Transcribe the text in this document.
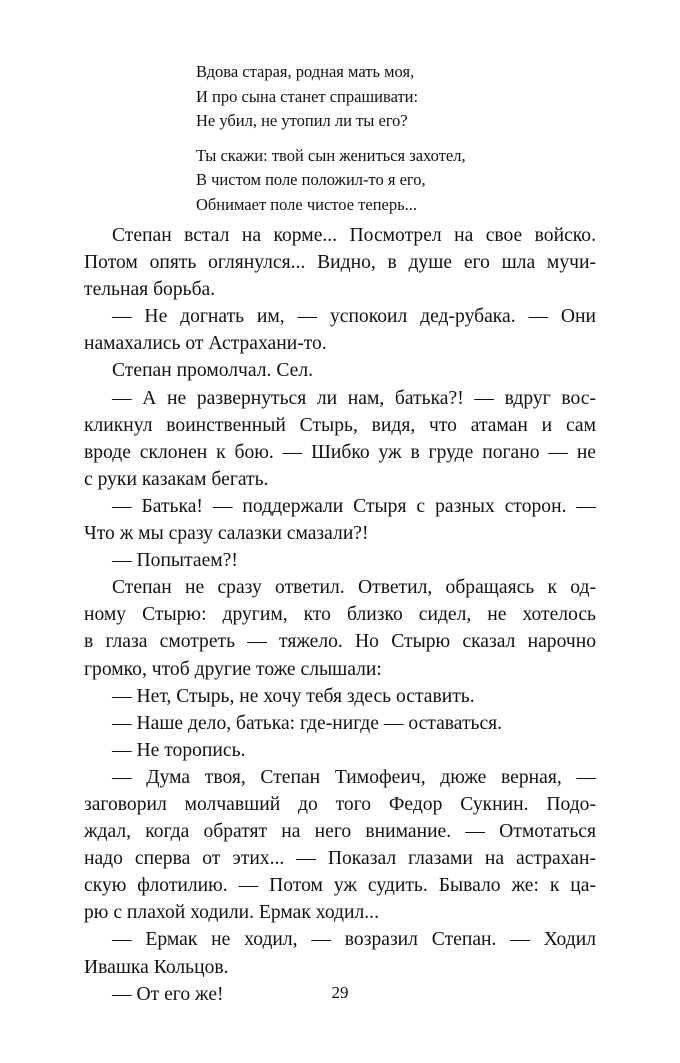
Вдова старая, родная мать моя,
И про сына станет спрашивати:
Не убил, не утопил ли ты его?
Ты скажи: твой сын жениться захотел,
В чистом поле положил-то я его,
Обнимает поле чистое теперь...
Степан встал на корме... Посмотрел на свое войско.
Потом опять оглянулся... Видно, в душе его шла мучи-
тельная борьба.
— Не догнать им, — успокоил дед-рубака. — Они
намахались от Астрахани-то.
Степан промолчал. Сел.
— А не развернуться ли нам, батька?! — вдруг вос-
кликнул воинственный Стырь, видя, что атаман и сам
вроде склонен к бою. — Шибко уж в груде погано — не
с руки казакам бегать.
— Батька! — поддержали Стыря с разных сторон. —
Что ж мы сразу салазки смазали?!
— Попытаем?!
Степан не сразу ответил. Ответил, обращаясь к од-
ному Стырю: другим, кто близко сидел, не хотелось
в глаза смотреть — тяжело. Но Стырю сказал нарочно
громко, чтоб другие тоже слышали:
— Нет, Стырь, не хочу тебя здесь оставить.
— Наше дело, батька: где-нигде — оставаться.
— Не торопись.
— Дума твоя, Степан Тимофеич, дюже верная, —
заговорил молчавший до того Федор Сукнин. Подо-
ждал, когда обратят на него внимание. — Отмотаться
надо сперва от этих... — Показал глазами на астрахан-
скую флотилию. — Потом уж судить. Бывало же: к ца-
рю с плахой ходили. Ермак ходил...
— Ермак не ходил, — возразил Степан. — Ходил
Ивашка Кольцов.
— От его же!	29
